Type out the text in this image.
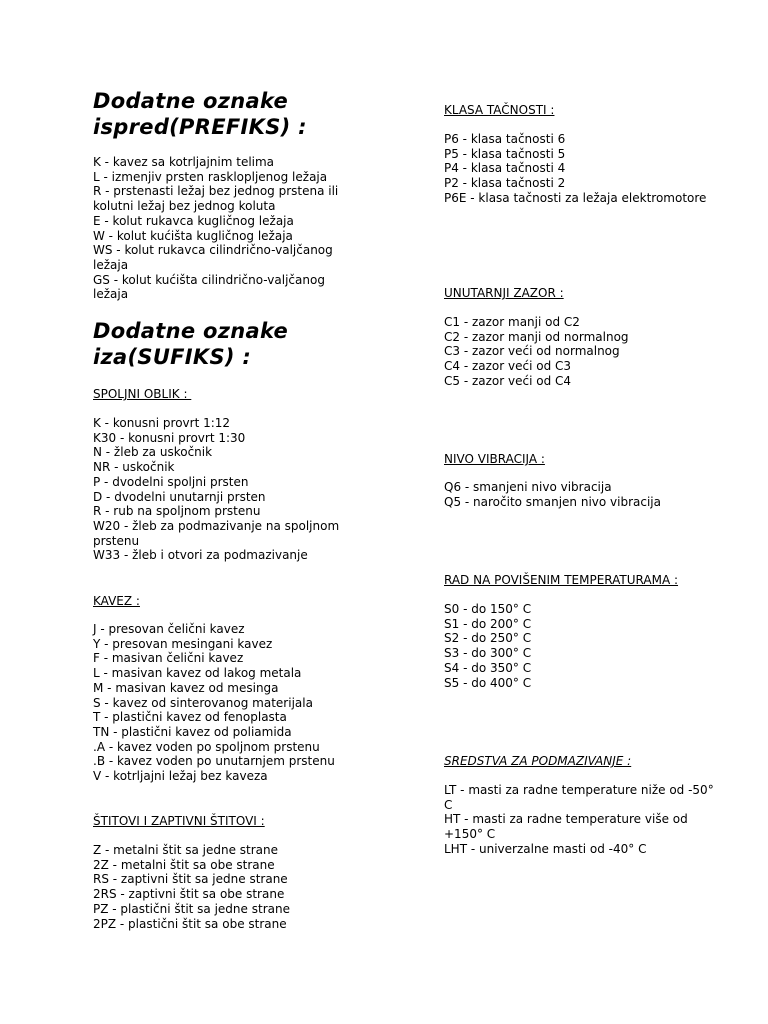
Dodatne oznake
ispred(PREFIKS) :
K - kavez sa kotrljajnim telima
L - izmenjiv prsten rasklopljenog ležaja
R - prstenasti ležaj bez jednog prstena ili kolutni ležaj bez jednog koluta
E - kolut rukavca kugličnog ležaja
W - kolut kućišta kugličnog ležaja
WS - kolut rukavca cilindrično-valjčanog ležaja
GS - kolut kućišta cilindrično-valjčanog ležaja
Dodatne oznake
iza(SUFIKS) :
SPOLJNI OBLIK :
K - konusni provrt 1:12
K30 - konusni provrt 1:30
N - žleb za uskočnik
NR - uskočnik
P - dvodelni spoljni prsten
D - dvodelni unutarnji prsten
R - rub na spoljnom prstenu
W20 - žleb za podmazivanje na spoljnom prstenu
W33 - žleb i otvori za podmazivanje
KAVEZ :
J - presovan čelični kavez
Y - presovan mesingani kavez
F - masivan čelični kavez
L - masivan kavez od lakog metala
M - masivan kavez od mesinga
S - kavez od sinterovanog materijala
T - plastični kavez od fenoplasta
TN - plastični kavez od poliamida
.A - kavez voden po spoljnom prstenu
.B - kavez voden po unutarnjem prstenu
V - kotrljajni ležaj bez kaveza
ŠTITOVI I ZAPTIVNI ŠTITOVI :
Z - metalni štit sa jedne strane
2Z - metalni štit sa obe strane
RS - zaptivni štit sa jedne strane
2RS - zaptivni štit sa obe strane
PZ - plastični štit sa jedne strane
2PZ - plastični štit sa obe strane
KLASA TAČNOSTI :
P6 - klasa tačnosti 6
P5 - klasa tačnosti 5
P4 - klasa tačnosti 4
P2 - klasa tačnosti 2
P6E - klasa tačnosti za ležaja elektromotore
UNUTARNJI ZAZOR :
C1 - zazor manji od C2
C2 - zazor manji od normalnog
C3 - zazor veći od normalnog
C4 - zazor veći od C3
C5 - zazor veći od C4
NIVO VIBRACIJA :
Q6 - smanjeni nivo vibracija
Q5 - naročito smanjen nivo vibracija
RAD NA POVIŠENIM TEMPERATURAMA :
S0 - do 150° C
S1 - do 200° C
S2 - do 250° C
S3 - do 300° C
S4 - do 350° C
S5 - do 400° C
SREDSTVA ZA PODMAZIVANJE :
LT - masti za radne temperature niže od -50° C
HT - masti za radne temperature više od +150° C
LHT - univerzalne masti od -40° C
